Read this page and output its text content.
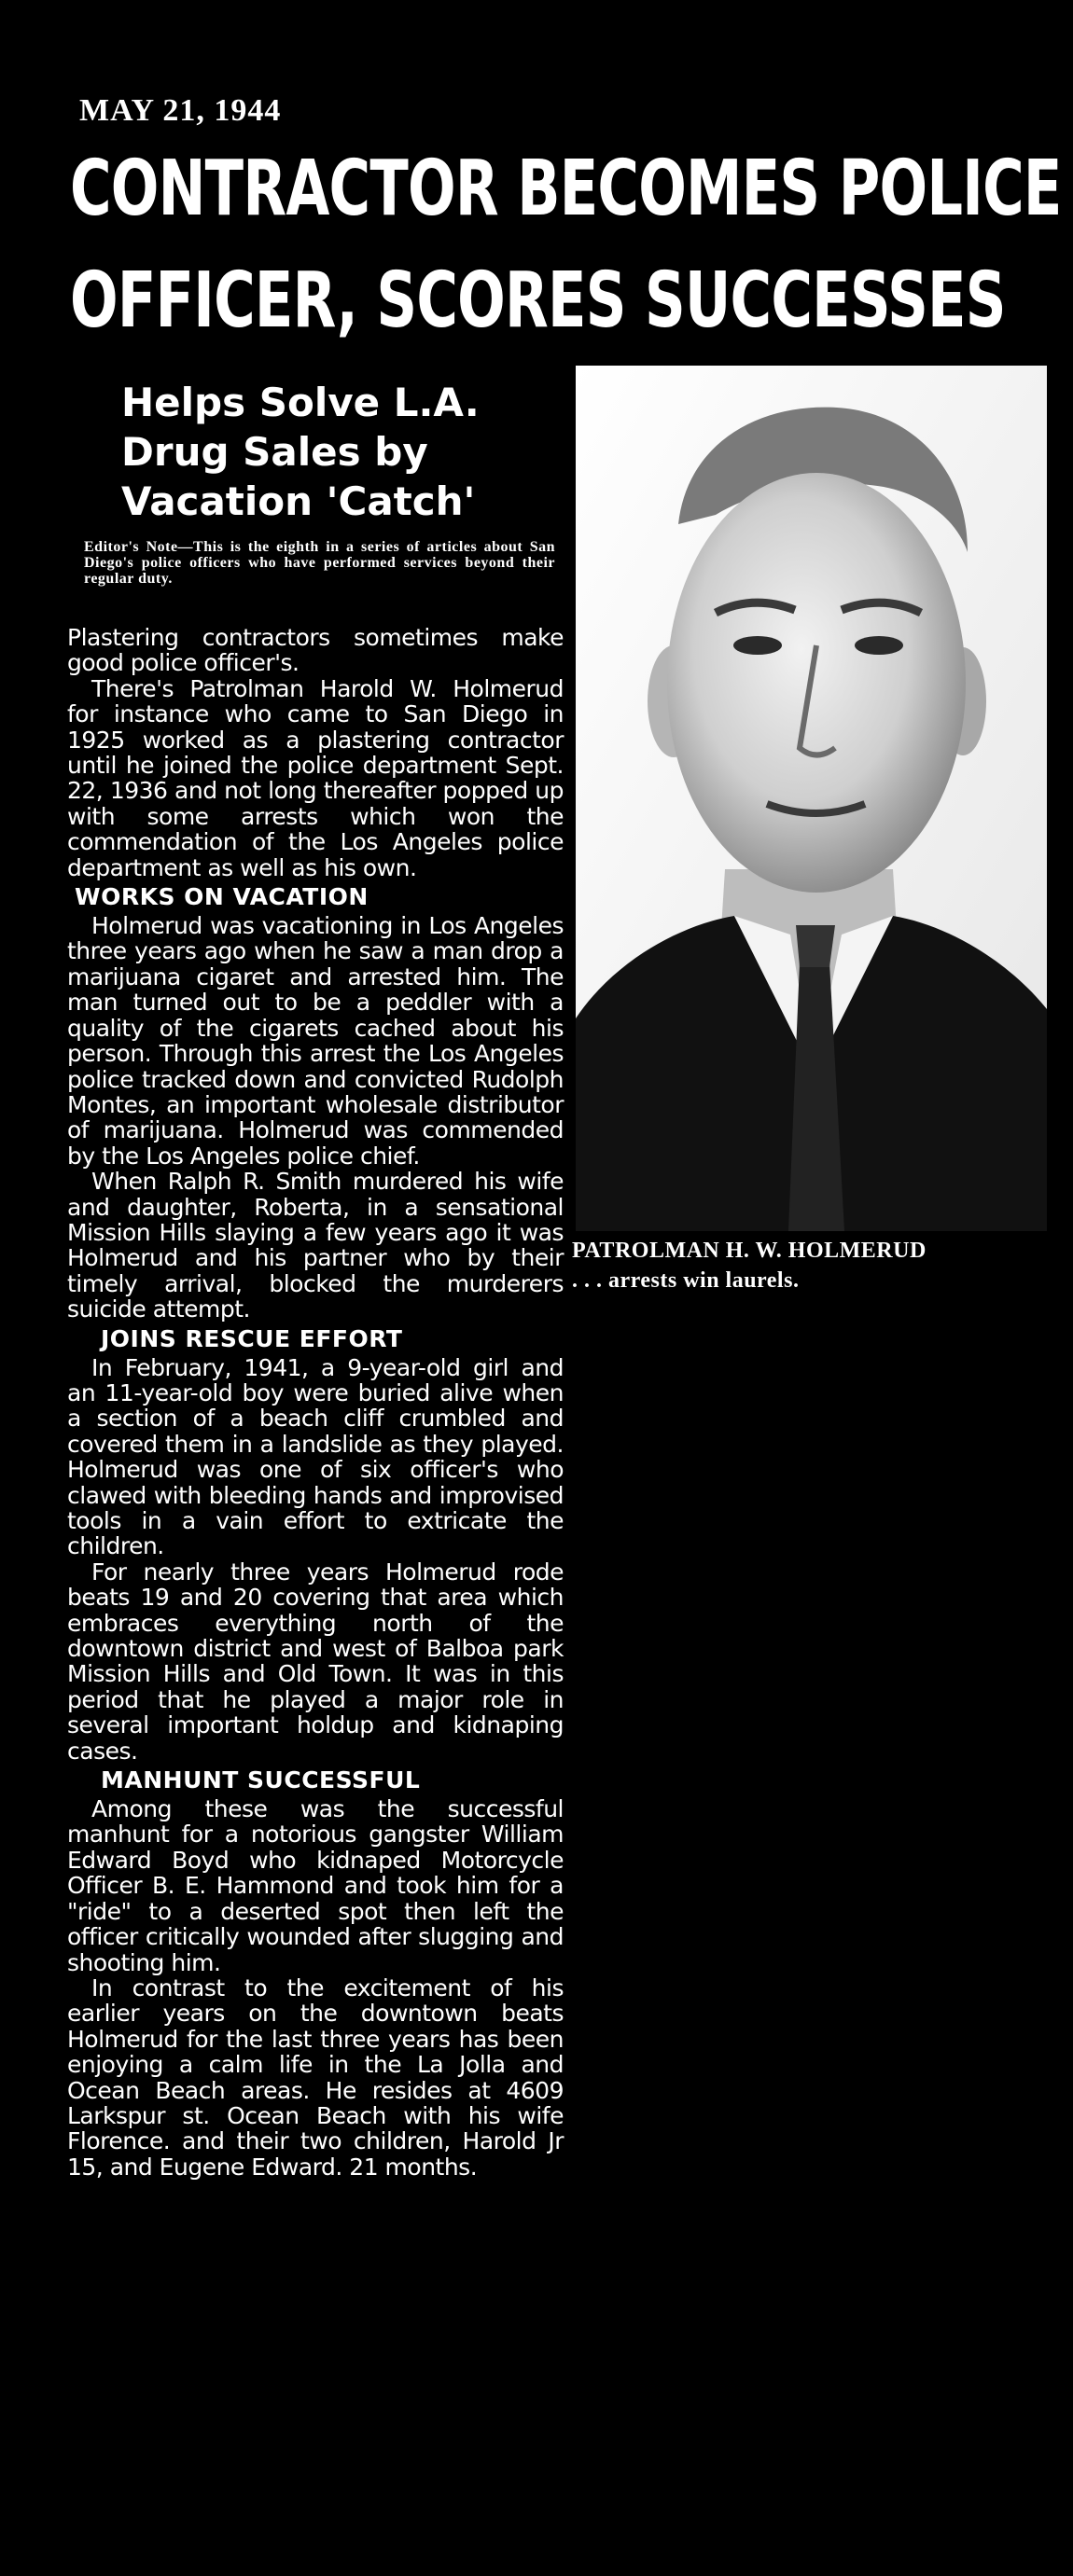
MAY 21, 1944
CONTRACTOR BECOMES POLICE
OFFICER, SCORES SUCCESSES
Helps Solve L.A. Drug Sales by Vacation 'Catch'
Editor's Note—This is the eighth in a series of articles about San Diego's police officers who have performed services beyond their regular duty.
PATROLMAN H. W. HOLMERUD
. . . arrests win laurels.

Plastering contractors sometimes make good police officer's.

There's Patrolman Harold W. Holmerud for instance who came to San Diego in 1925 worked as a plastering contractor until he joined the police department Sept. 22, 1936 and not long thereafter popped up with some arrests which won the commendation of the Los Angeles police department as well as his own.

WORKS ON VACATION

Holmerud was vacationing in Los Angeles three years ago when he saw a man drop a marijuana cigaret and arrested him. The man turned out to be a peddler with a quality of the cigarets cached about his person. Through this arrest the Los Angeles police tracked down and convicted Rudolph Montes, an important wholesale distributor of marijuana. Holmerud was commended by the Los Angeles police chief.

When Ralph R. Smith murdered his wife and daughter, Roberta, in a sensational Mission Hills slaying a few years ago it was Holmerud and his partner who by their timely arrival, blocked the murderers suicide attempt.

JOINS RESCUE EFFORT

In February, 1941, a 9-year-old girl and an 11-year-old boy were buried alive when a section of a beach cliff crumbled and covered them in a landslide as they played. Holmerud was one of six officer's who clawed with bleeding hands and improvised tools in a vain effort to extricate the children.

For nearly three years Holmerud rode beats 19 and 20 covering that area which embraces everything north of the downtown district and west of Balboa park Mission Hills and Old Town. It was in this period that he played a major role in several important holdup and kidnaping cases.

MANHUNT SUCCESSFUL

Among these was the successful manhunt for a notorious gangster William Edward Boyd who kidnaped Motorcycle Officer B. E. Hammond and took him for a "ride" to a deserted spot then left the officer critically wounded after slugging and shooting him.

In contrast to the excitement of his earlier years on the downtown beats Holmerud for the last three years has been enjoying a calm life in the La Jolla and Ocean Beach areas. He resides at 4609 Larkspur st. Ocean Beach with his wife Florence. and their two children, Harold Jr 15, and Eugene Edward. 21 months.
